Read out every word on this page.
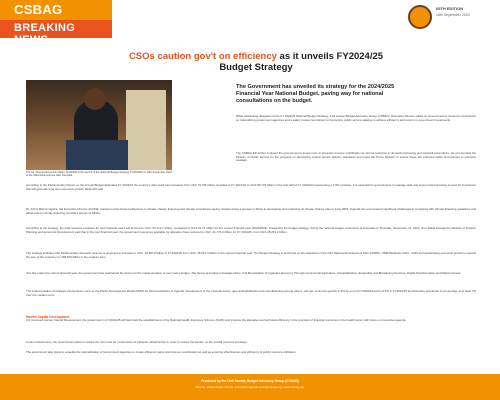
CSBAG
BREAKING NEWS
69TH EDITION
16th September 2024
CSOs caution gov't on efficiency as it unveils FY2024/25
Budget Strategy
The Ag. Director Economic Affairs, MoFPED at the launch of the National Budget Strategy FY2024/25 on 16th September 2024 at the UMA Multi-purpose Hall, Kampala.
The Government has unveiled its strategy for the 2024/2025 Financial Year National Budget, paving way for national consultations on the budget.

While addressing delegates at the FY 2024/25 National Budget Strategy, Civil society Budget Advocacy Group (CSBAG), Executive Director called on Government to renew its commitment on rationalizing government agencies and a salary review commission to harmonize public service salaries to achieve efficiency and returns to government investments.

The CSBAG ED further implored the government to invest more in domestic revenue mobilization as well as reduction in domestic borrowing and wasteful expenditure. He commended the Ministry of Public Service for the progress on developing costed service delivery standards and urged the Prime Minister to ensure these are enforced within Government to minimize wastage.

According to the Parliamentary Report on the Annual Budget Estimates FY 2023/24 the country's debt stock has increased from UGX 79,766 trillion recorded in FY 2021/22 to UGX 86,774 trillion in the first half of FY 2022/23 representing a 2.5% increase. It is essential for governments to manage debt and ensure that borrowing is used for investment that will generate long term economic growth, Mukunda said.

Dr. Arthur Bainomugisha, the Executive Director ACODE, pointed out the limited adherence to climate change financing and climate compliance saying: despite being a pioneer in Africa to developing and endorsing its climate change plan in June 2015, Uganda has encountered significant challenges in complying with climate financing guidelines and adherence to climate financing principles across its MDAs.

According to the strategy, the total resource envelope for next financial years will amount to UGX. 53,712.7 trillion, compared to UGX.51.74 trillion for the current financial year (2023/2024). Presenting the budget strategy, during the national budget conference at Kampala on Thursday, September 14, 2023, Hon. Matia Kasaija the Minister of Finance Planning and Economic Development said that in the next financial year, the government resources available for allocation have reduced to UGX. 21,774.2 billion for FY 2024/25, from UGX.28,263.2 billion.

The strategy indicates that Parliamentary domestic revenue is projected to increase to UGX. 29,987.8 billion in FY2024/25 from UGX. 25,612.3 billion in the current financial year. The Budget Strategy is anchored on the objectives of the third National Development Plan (NDPIII), NRM Manifesto 2021 - 2026 and accelerating economic growth to expand the size of the economy to US$ 500 billion in the medium term.

Just like under the current financial year, the government has maintained the theme for the implementation of next year's budget. The theme according to Kasaija will be: Full Monetization of Uganda's Economy Through Commercial Agriculture, Industrialization, Expanding and Broadening Services, Digital Transformation and Market Access.

The implementation of strategic interventions such as the Parish Development Model (PDM) for full monetization of Uganda, development of the minerals sector, agro-industrialization and manufacturing among others, will spur economic growth to 6% by end of FY2023/24 and to 6.5% in FY2024/25 and therefore accelerate to an average of at least 7% over the medium term.

Human Capital Development

For improved Human Capital Development, the government in FY2024/25 will fast track the establishment of the National Health Insurance Scheme (NHIS) and improve the allocative and technical efficiency in the provision of financial resources in the health sector with focus on preventive agenda.

Under infrastructure, the Government plans to reduce the unit costs for construction of transport infrastructure in order to reduce the burden on the overall resource envelope.

The government also plans to expedite the rationalization of Government Agencies to create efficiency gains and improve coordination as well as ensuring effectiveness and efficiency of public resource utilization.

Produced by the Civil Society Budget Advocacy Group (CSBAG)
Plot 11, Vubya Road, Ntinda, Kampala Uganda | info@csbag.org | www.csbag.org
